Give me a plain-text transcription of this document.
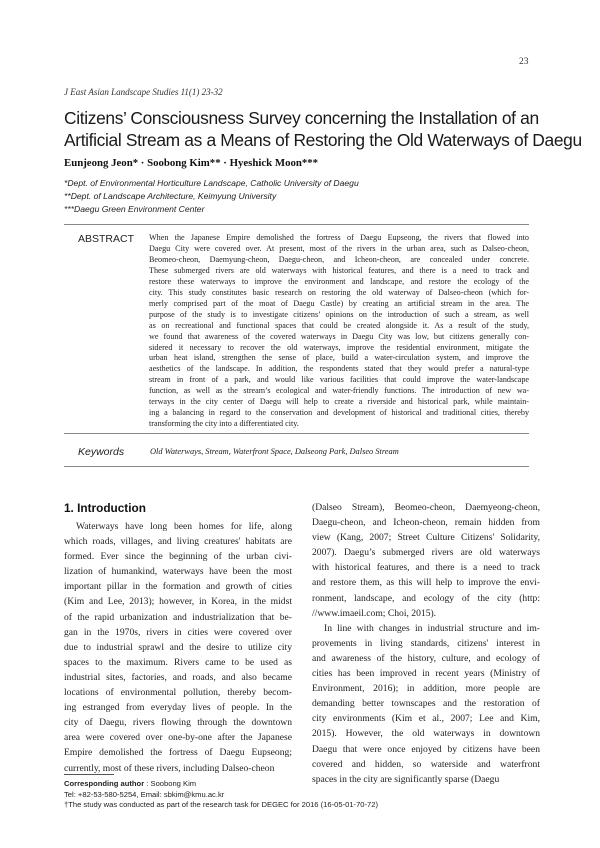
23
J East Asian Landscape Studies 11(1) 23-32
Citizens’ Consciousness Survey concerning the Installation of an
Artificial Stream as a Means of Restoring the Old Waterways of Daegu
Eunjeong Jeon* · Soobong Kim** · Hyeshick Moon***
*Dept. of Environmental Horticulture Landscape, Catholic University of Daegu
**Dept. of Landscape Architecture, Keimyung University
***Daegu Green Environment Center
ABSTRACT When the Japanese Empire demolished the fortress of Daegu Eupseong, the rivers that flowed into
Daegu City were covered over. At present, most of the rivers in the urban area, such as Dalseo-cheon,
Beomeo-cheon, Daemyung-cheon, Daegu-cheon, and Icheon-cheon, are concealed under concrete.
These submerged rivers are old waterways with historical features, and there is a need to track and
restore these waterways to improve the environment and landscape, and restore the ecology of the
city. This study constitutes basic research on restoring the old waterway of Dalseo-cheon (which for-
merly comprised part of the moat of Daegu Castle) by creating an artificial stream in the area. The
purpose of the study is to investigate citizens’ opinions on the introduction of such a stream, as well
as on recreational and functional spaces that could be created alongside it. As a result of the study,
we found that awareness of the covered waterways in Daegu City was low, but citizens generally con-
sidered it necessary to recover the old waterways, improve the residential environment, mitigate the
urban heat island, strengthen the sense of place, build a water-circulation system, and improve the
aesthetics of the landscape. In addition, the respondents stated that they would prefer a natural-type
stream in front of a park, and would like various facilities that could improve the water-landscape
function, as well as the stream’s ecological and water-friendly functions. The introduction of new wa-
terways in the city center of Daegu will help to create a riverside and historical park, while maintain-
ing a balancing in regard to the conservation and development of historical and traditional cities, thereby
transforming the city into a differentiated city.
Keywords	Old Waterways, Stream, Waterfront Space, Dalseong Park, Dalseo Stream
1. Introduction
Waterways have long been homes for life, along
which roads, villages, and living creatures' habitats are
formed. Ever since the beginning of the urban civi-
lization of humankind, waterways have been the most
important pillar in the formation and growth of cities
(Kim and Lee, 2013); however, in Korea, in the midst
of the rapid urbanization and industrialization that be-
gan in the 1970s, rivers in cities were covered over
due to industrial sprawl and the desire to utilize city
spaces to the maximum. Rivers came to be used as
industrial sites, factories, and roads, and also became
locations of environmental pollution, thereby becom-
ing estranged from everyday lives of people. In the
city of Daegu, rivers flowing through the downtown
area were covered over one-by-one after the Japanese
Empire demolished the fortress of Daegu Eupseong;
currently, most of these rivers, including Dalseo-cheon
(Dalseo Stream), Beomeo-cheon, Daemyeong-cheon,
Daegu-cheon, and Icheon-cheon, remain hidden from
view (Kang, 2007; Street Culture Citizens' Solidarity,
2007). Daegu’s submerged rivers are old waterways
with historical features, and there is a need to track
and restore them, as this will help to improve the envi-
ronment, landscape, and ecology of the city (http:
//www.imaeil.com; Choi, 2015).
In line with changes in industrial structure and im-
provements in living standards, citizens' interest in
and awareness of the history, culture, and ecology of
cities has been improved in recent years (Ministry of
Environment, 2016); in addition, more people are
demanding better townscapes and the restoration of
city environments (Kim et al., 2007; Lee and Kim,
2015). However, the old waterways in downtown
Daegu that were once enjoyed by citizens have been
covered and hidden, so waterside and waterfront
spaces in the city are significantly sparse (Daegu
Corresponding author : Soobong Kim
Tel: +82-53-580-5254, Email: sbkim@kmu.ac.kr
†The study was conducted as part of the research task for DEGEC for 2016 (16-05-01-70-72)
